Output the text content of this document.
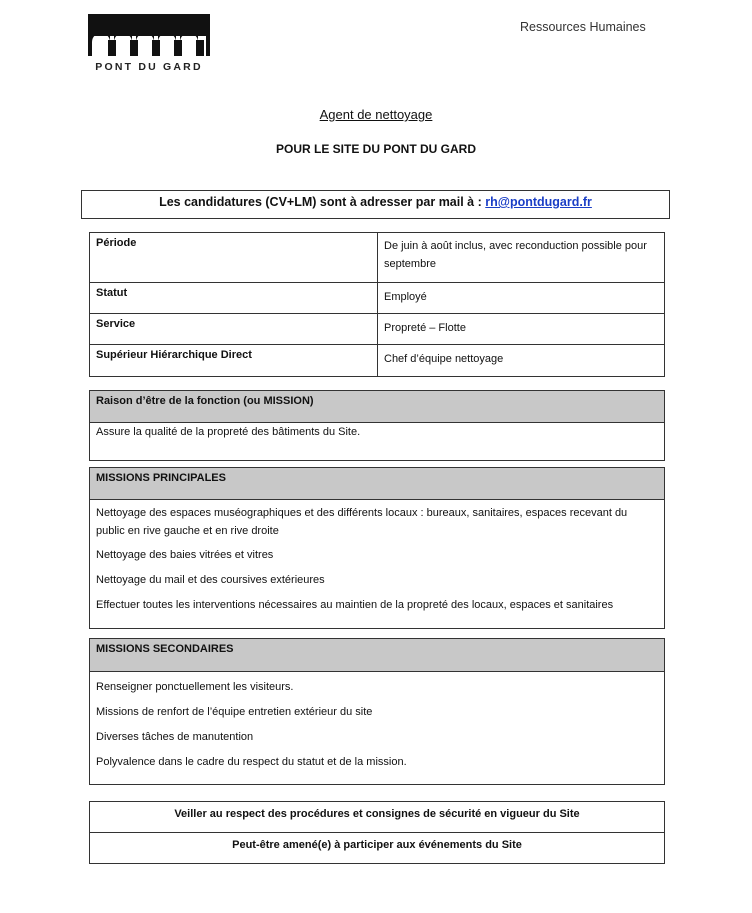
PONT DU GARD
Ressources Humaines
Agent de nettoyage
POUR LE SITE DU PONT DU GARD
Les candidatures (CV+LM) sont à adresser par mail à : rh@pontdugard.fr
Période	De juin à août inclus, avec reconduction possible pour septembre
Statut	Employé
Service	Propreté – Flotte
Supérieur Hiérarchique Direct	Chef d’équipe nettoyage
Raison d’être de la fonction (ou MISSION)
Assure la qualité de la propreté des bâtiments du Site.
MISSIONS PRINCIPALES

Nettoyage des espaces muséographiques et des différents locaux : bureaux, sanitaires, espaces recevant du public en rive gauche et en rive droite
Nettoyage des baies vitrées et vitres
Nettoyage du mail et des coursives extérieures
Effectuer toutes les interventions nécessaires au maintien de la propreté des locaux, espaces et sanitaires
MISSIONS SECONDAIRES

Renseigner ponctuellement les visiteurs.
Missions de renfort de l’équipe entretien extérieur du site
Diverses tâches de manutention
Polyvalence dans le cadre du respect du statut et de la mission.
Veiller au respect des procédures et consignes de sécurité en vigueur du Site
Peut-être amené(e) à participer aux événements du Site
